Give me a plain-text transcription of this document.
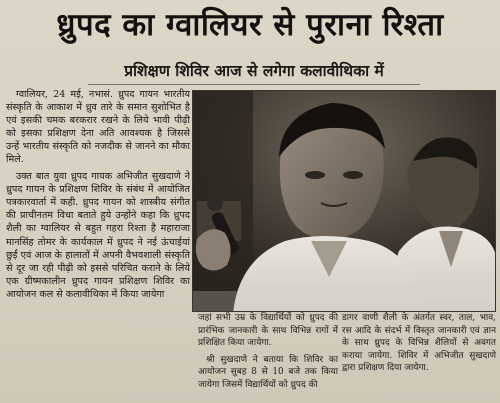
ध्रुपद का ग्वालियर से पुराना रिश्ता
प्रशिक्षण शिविर आज से लगेगा कलावीथिका में

ग्वालियर, 24 मई, नभासं. ध्रुपद गायन भारतीय संस्कृति के आकाश में ध्रुव तारे के समान सुशोभित है एवं इसकी चमक बरकरार रखने के लिये भावी पीढ़ी को इसका प्रशिक्षण देना अति आवश्यक है जिससे उन्हें भारतीय संस्कृति को नजदीक से जानने का मौका मिले.

उक्त बात युवा ध्रुपद गायक अभिजीत सुखदाणे ने ध्रुपद गायन के प्रशिक्षण शिविर के संबंध में आयोजित पत्रकारवार्ता में कही. ध्रुपद गायन को शास्त्रीय संगीत की प्राचीनतम विधा बताते हुये उन्होंने कहा कि ध्रुपद शैली का ग्वालियर से बहुत गहरा रिश्ता है महाराजा मानसिंह तोमर के कार्यकाल में ध्रुपद ने नई ऊंचाईयां छुईं एवं आज के हालातों में अपनी वैभवशाली संस्कृति से दूर जा रही पीढ़ी को इससे परिचित कराने के लिये एक ग्रीष्मकालीन ध्रुपद गायन प्रशिक्षण शिविर का आयोजन कल से कलावीथिका में किया जायेगा

जहां सभी उम्र के विद्यार्थियों को ध्रुपद की प्रारंभिक जानकारी के साथ विभिन्न रागों में प्रशिक्षित किया जायेगा.

श्री सुखदाणे ने बताया कि शिविर का आयोजन सुबह 8 से 10 बजे तक किया जायेगा जिसमें विद्यार्थियों को ध्रुपद की

डागर वाणी शैली के अंतर्गत स्वर, ताल, भाव, रस आदि के संदर्भ में विस्तृत जानकारी एवं ज्ञान के साथ ध्रुपद के विभिन्न शैलियों से अवगत कराया जायेगा. शिविर में अभिजीत सुखदाणे द्वारा प्रशिक्षण दिया जायेगा.
